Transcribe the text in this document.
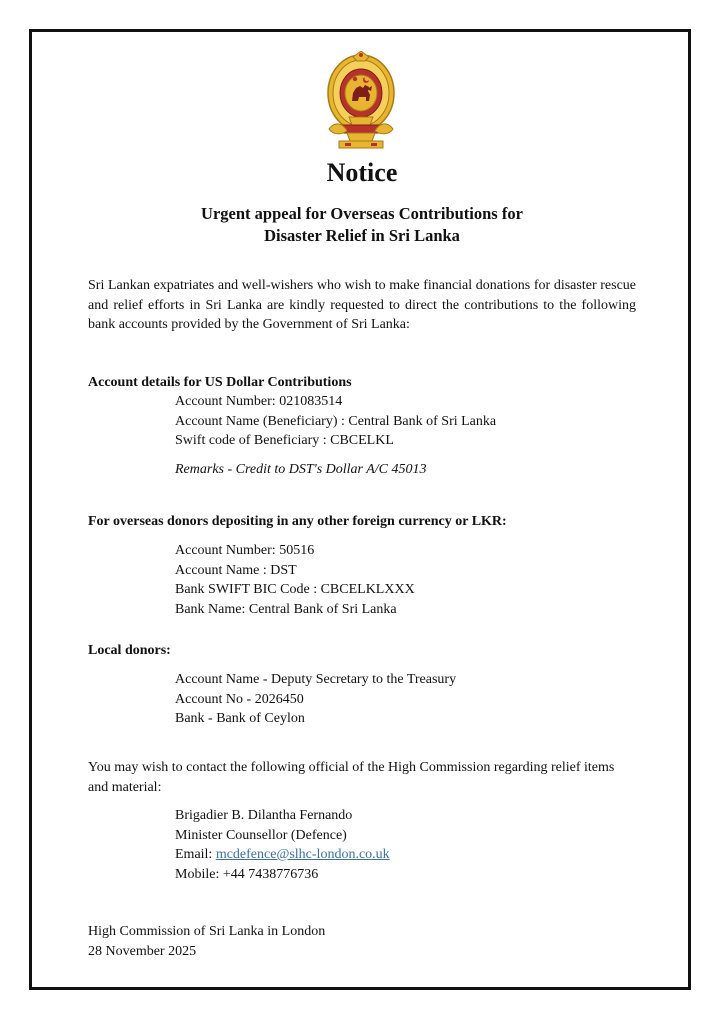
Notice
Urgent appeal for Overseas Contributions for
Disaster Relief in Sri Lanka
Sri Lankan expatriates and well-wishers who wish to make financial donations for disaster rescue and relief efforts in Sri Lanka are kindly requested to direct the contributions to the following bank accounts provided by the Government of Sri Lanka:
Account details for US Dollar Contributions
Account Number: 021083514
Account Name (Beneficiary) : Central Bank of Sri Lanka
Swift code of Beneficiary : CBCELKL
Remarks - Credit to DST's Dollar A/C 45013
For overseas donors depositing in any other foreign currency or LKR:
Account Number: 50516
Account Name : DST
Bank SWIFT BIC Code : CBCELKLXXX
Bank Name: Central Bank of Sri Lanka
Local donors:
Account Name - Deputy Secretary to the Treasury
Account No - 2026450
Bank - Bank of Ceylon
You may wish to contact the following official of the High Commission regarding relief items and material:
Brigadier B. Dilantha Fernando
Minister Counsellor (Defence)
Email: mcdefence@slhc-london.co.uk
Mobile: +44 7438776736
High Commission of Sri Lanka in London
28 November 2025
